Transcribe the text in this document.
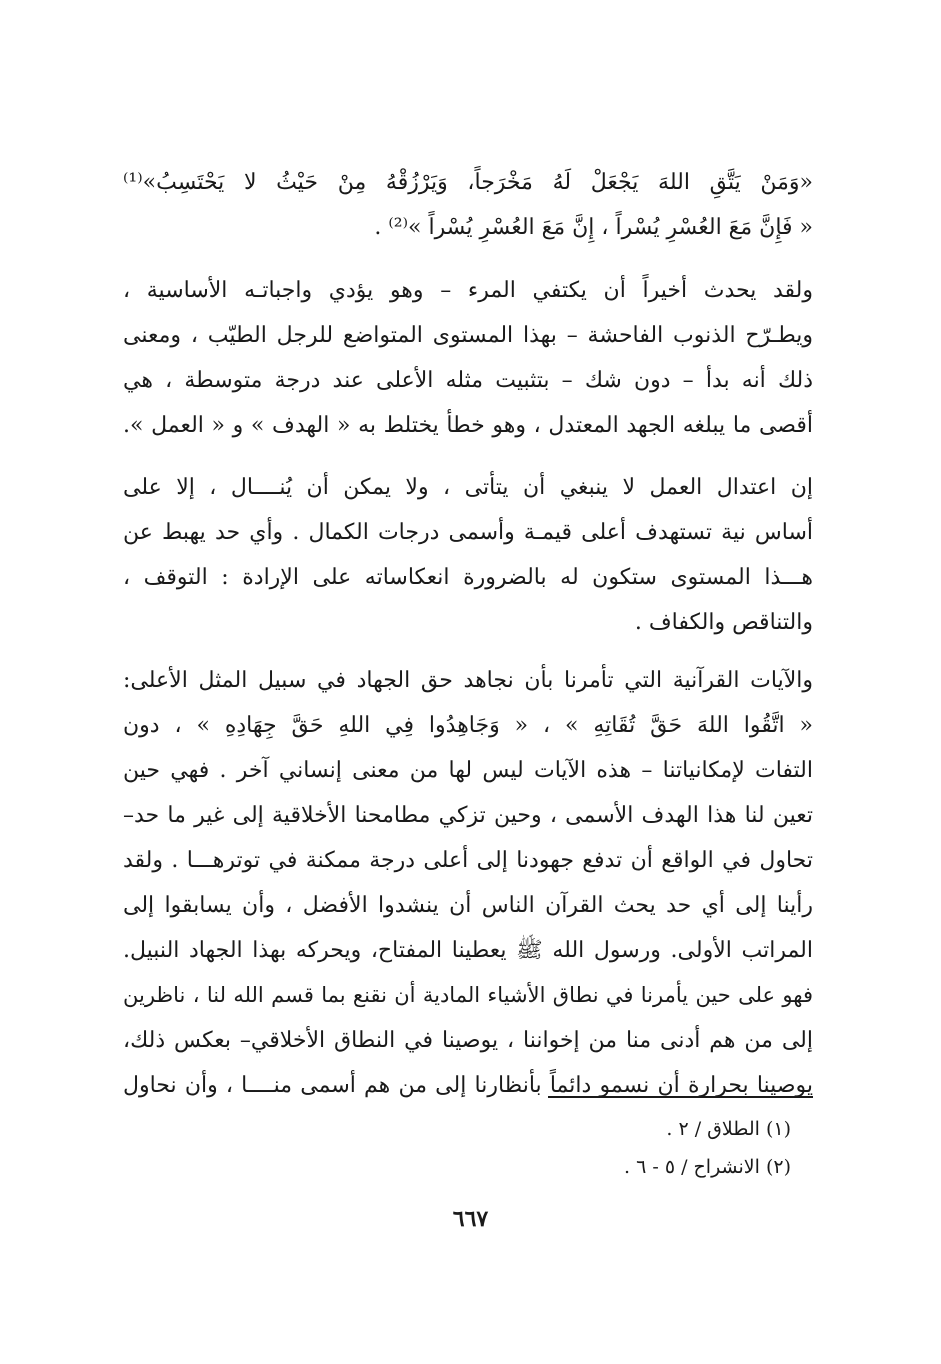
«وَمَنْ يَتَّقِ اللهَ يَجْعَلْ لَهُ مَخْرَجاً، وَيَرْزُقْهُ مِنْ حَيْثُ لا يَحْتَسِبُ»⁽¹⁾
« فَإِنَّ مَعَ العُسْرِ يُسْراً ، إِنَّ مَعَ العُسْرِ يُسْراً »⁽²⁾ .
ولقد يحدث أخيراً أن يكتفي المرء – وهو يؤدي واجباتـه الأساسية ،
ويطـرّح الذنوب الفاحشة – بهذا المستوى المتواضع للرجل الطيّب ، ومعنى
ذلك أنه بدأ – دون شك – بتثبيت مثله الأعلى عند درجة متوسطة ، هي
أقصى ما يبلغه الجهد المعتدل ، وهو خطأ يختلط به « الهدف » و « العمل ».
إن اعتدال العمل لا ينبغي أن يتأتى ، ولا يمكن أن يُنــــال ، إلا على
أساس نية تستهدف أعلى قيمـة وأسمى درجات الكمال . وأي حد يهبط عن
هـــذا المستوى ستكون له بالضرورة انعكاساته على الإرادة : التوقف ،
والتناقص والكفاف .
والآيات القرآنية التي تأمرنا بأن نجاهد حق الجهاد في سبيل المثل الأعلى:
« اتَّقُوا اللهَ حَقَّ تُقَاتِهِ » ، « وَجَاهِدُوا فِي اللهِ حَقَّ جِهَادِهِ » ، دون
التفات لإمكانياتنا – هذه الآيات ليس لها من معنى إنساني آخر . فهي حين
تعين لنا هذا الهدف الأسمى ، وحين تزكي مطامحنا الأخلاقية إلى غير ما حد–
تحاول في الواقع أن تدفع جهودنا إلى أعلى درجة ممكنة في توترهـــا . ولقد
رأينا إلى أي حد يحث القرآن الناس أن ينشدوا الأفضل ، وأن يسابقوا إلى
المراتب الأولى. ورسول الله ﷺ يعطينا المفتاح، ويحركه بهذا الجهاد النبيل.
فهو على حين يأمرنا في نطاق الأشياء المادية أن نقنع بما قسم الله لنا ، ناظرين
إلى من هم أدنى منا من إخواننا ، يوصينا في النطاق الأخلاقي– بعكس ذلك،
يوصينا بحرارة أن نسمو دائماً بأنظارنا إلى من هم أسمى منــــا ، وأن نحاول
(١) الطلاق / ٢ .
(٢) الانشراح / ٥ - ٦ .
٦٦٧
